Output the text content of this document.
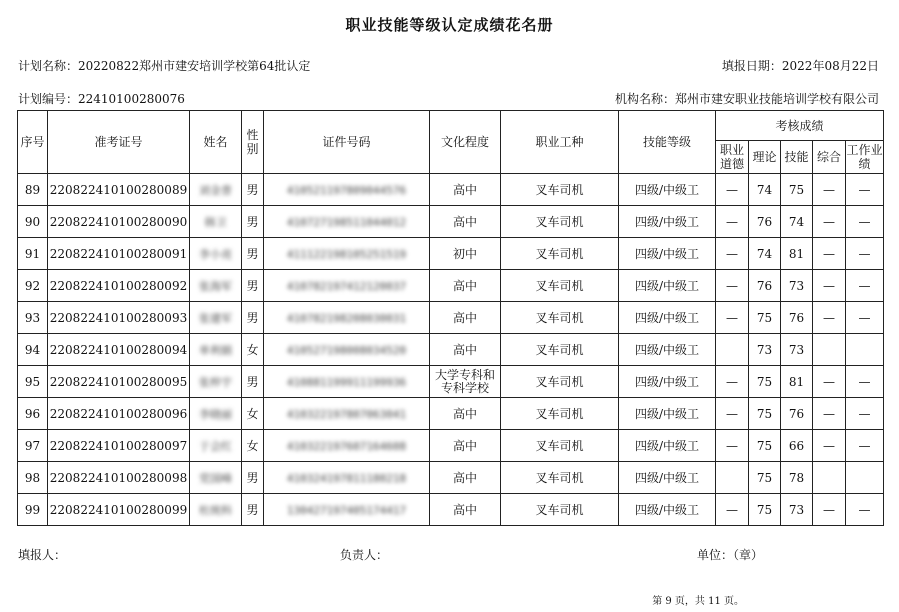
职业技能等级认定成绩花名册
计划名称：20220822郑州市建安培训学校第64批认定	填报日期：2022年08月22日
计划编号：22410100280076	机构名称：郑州市建安职业技能培训学校有限公司
序号	准考证号	姓名	性别	证件号码	文化程度	职业工种	技能等级	考核成绩				
								职业道德	理论	技能	综合	工作业绩
89	220822410100280089	刘金普	男	410521197809044576	高中	叉车司机	四级/中级工	—	74	75	—	—
90	220822410100280090	韩卫	男	410727198511044012	高中	叉车司机	四级/中级工	—	76	74	—	—
91	220822410100280091	李小亮	男	411122198105251519	初中	叉车司机	四级/中级工	—	74	81	—	—
92	220822410100280092	张海军	男	410782197412120037	高中	叉车司机	四级/中级工	—	76	73	—	—
93	220822410100280093	张建军	男	410782198208030031	高中	叉车司机	四级/中级工	—	75	76	—	—
94	220822410100280094	单利娟	女	410527198008034520	高中	叉车司机	四级/中级工		73	73		
95	220822410100280095	张梓宇	男	410881199911199936	大学专科和专科学校	叉车司机	四级/中级工	—	75	81	—	—
96	220822410100280096	李晓丽	女	410322197807063041	高中	叉车司机	四级/中级工	—	75	76	—	—
97	220822410100280097	于会红	女	410322197607164608	高中	叉车司机	四级/中级工	—	75	66	—	—
98	220822410100280098	党国峰	男	410324197811180218	高中	叉车司机	四级/中级工		75	78		
99	220822410100280099	杜统科	男	130427197405174417	高中	叉车司机	四级/中级工	—	75	73	—	—
填报人：	负责人：	单位：（章）
第 9 页，共 11 页。
